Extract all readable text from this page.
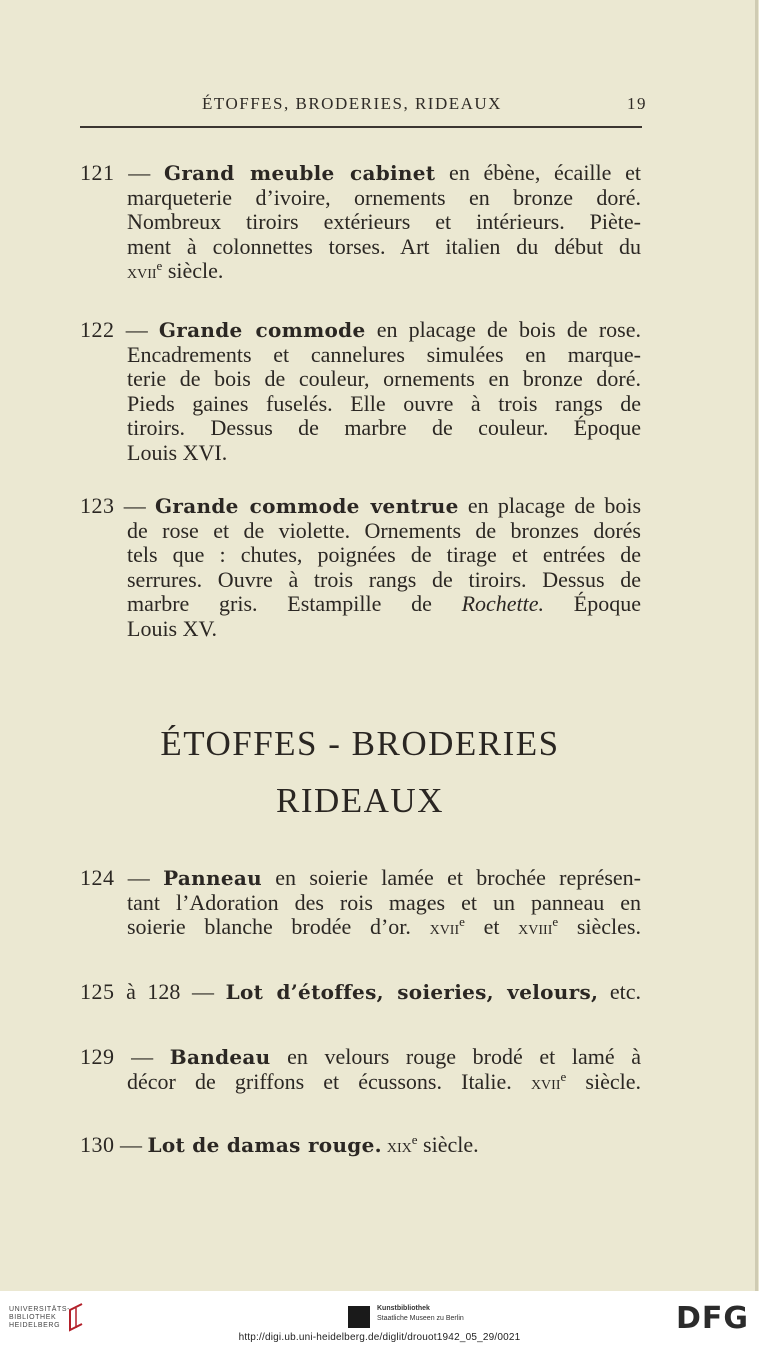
ÉTOFFES, BRODERIES, RIDEAUX	19
121 — Grand meuble cabinet en ébène, écaille et
marqueterie d’ivoire, ornements en bronze doré.
Nombreux tiroirs extérieurs et intérieurs. Piète-
ment à colonnettes torses. Art italien du début du
xvii$^e$ siècle.
122 — Grande commode en placage de bois de rose.
Encadrements et cannelures simulées en marque-
terie de bois de couleur, ornements en bronze doré.
Pieds gaines fuselés. Elle ouvre à trois rangs de
tiroirs. Dessus de marbre de couleur. Époque
Louis XVI.
123 — Grande commode ventrue en placage de bois
de rose et de violette. Ornements de bronzes dorés
tels que : chutes, poignées de tirage et entrées de
serrures. Ouvre à trois rangs de tiroirs. Dessus de
marbre gris. Estampille de Rochette. Époque
Louis XV.
ÉTOFFES - BRODERIES
RIDEAUX
124 — Panneau en soierie lamée et brochée représen-
tant l’Adoration des rois mages et un panneau en
soierie blanche brodée d’or. xvii$^e$ et xviii$^e$ siècles.
125 à 128 — Lot d’étoffes, soieries, velours, etc.
129 — Bandeau en velours rouge brodé et lamé à
décor de griffons et écussons. Italie. xvii$^e$ siècle.
130 — Lot de damas rouge. xix$^e$ siècle.
UNIVERSITÄTS-
BIBLIOTHEK
HEIDELBERG
Kunstbibliothek
Staatliche Museen zu Berlin	DFG
http://digi.ub.uni-heidelberg.de/diglit/drouot1942_05_29/0021
